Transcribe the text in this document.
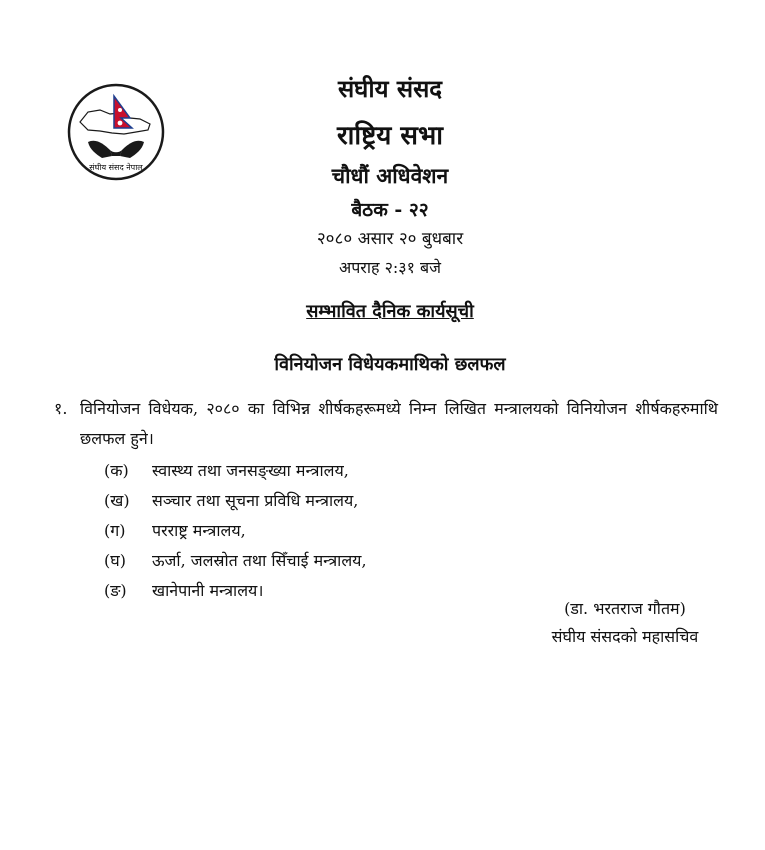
संघीय संसद नेपाल
संघीय संसद
राष्ट्रिय सभा
चौधौं अधिवेशन
बैठक - २२
२०८० असार २० बुधबार
अपराह २:३१ बजे
सम्भावित दैनिक कार्यसूची
विनियोजन विधेयकमाथिको छलफल
१. विनियोजन विधेयक, २०८० का विभिन्न शीर्षकहरूमध्ये निम्न लिखित मन्त्रालयको विनियोजन शीर्षकहरुमाथि छलफल हुने।
(क) स्वास्थ्य तथा जनसङ्ख्या मन्त्रालय,
(ख) सञ्चार तथा सूचना प्रविधि मन्त्रालय,
(ग) परराष्ट्र मन्त्रालय,
(घ) ऊर्जा, जलस्रोत तथा सिँचाई मन्त्रालय,
(ङ) खानेपानी मन्त्रालय।
(डा. भरतराज गौतम)
संघीय संसदको महासचिव
